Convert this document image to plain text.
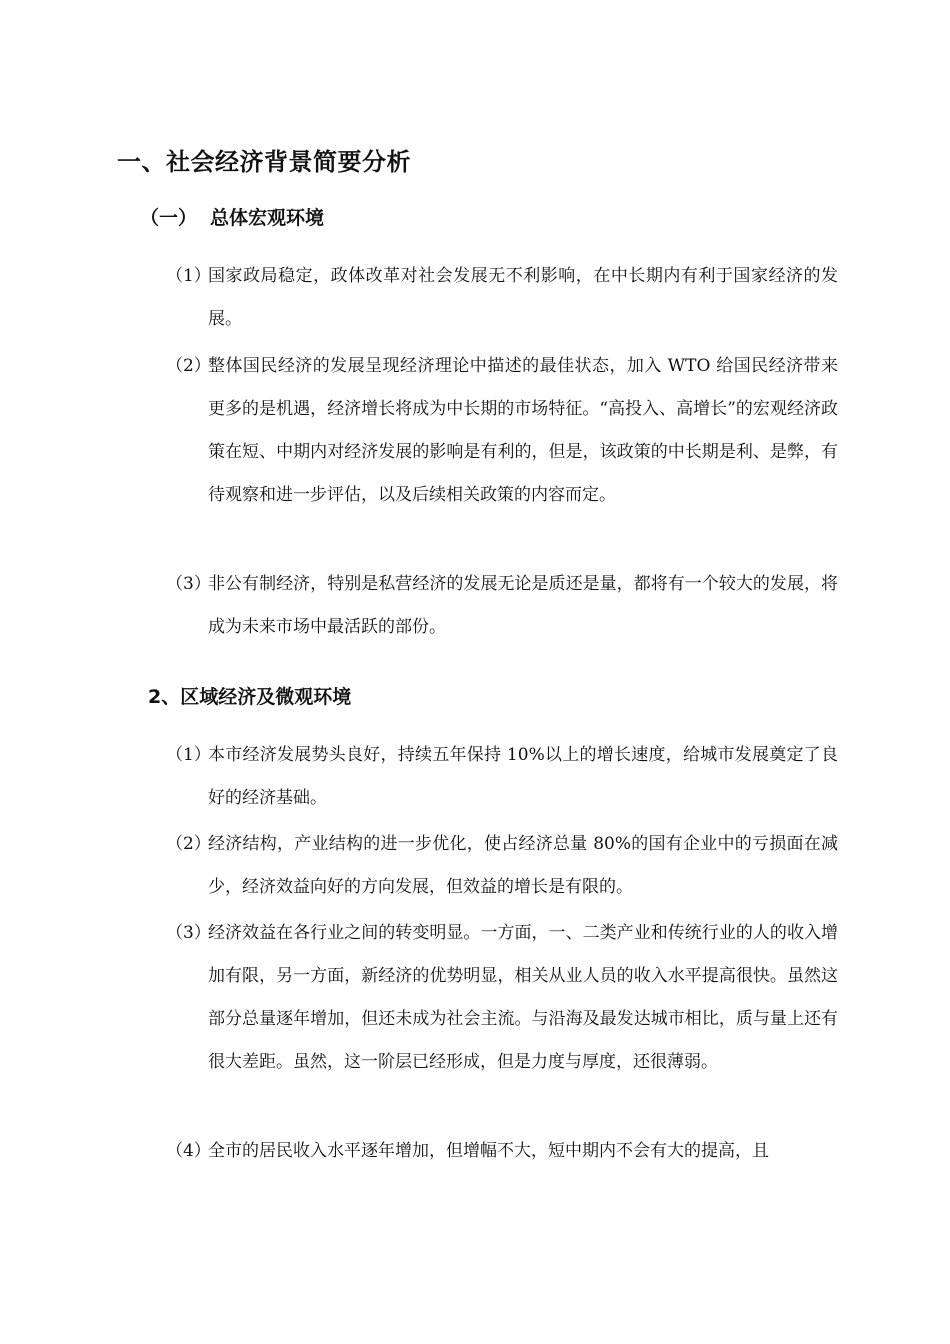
一、社会经济背景简要分析
（一） 总体宏观环境
（1）
国家政局稳定，政体改革对社会发展无不利影响，在中长期内有利于国家经济的发展。
（2）
整体国民经济的发展呈现经济理论中描述的最佳状态，加入 WTO 给国民经济带来更多的是机遇，经济增长将成为中长期的市场特征。“高投入、高增长”的宏观经济政策在短、中期内对经济发展的影响是有利的，但是，该政策的中长期是利、是弊，有待观察和进一步评估，以及后续相关政策的内容而定。
（3）
非公有制经济，特别是私营经济的发展无论是质还是量，都将有一个较大的发展，将成为未来市场中最活跃的部份。
2、区域经济及微观环境
（1）
本市经济发展势头良好，持续五年保持 10%以上的增长速度，给城市发展奠定了良好的经济基础。
（2）
经济结构，产业结构的进一步优化，使占经济总量 80%的国有企业中的亏损面在减少，经济效益向好的方向发展，但效益的增长是有限的。
（3）
经济效益在各行业之间的转变明显。一方面，一、二类产业和传统行业的人的收入增加有限，另一方面，新经济的优势明显，相关从业人员的收入水平提高很快。虽然这部分总量逐年增加，但还未成为社会主流。与沿海及最发达城市相比，质与量上还有很大差距。虽然，这一阶层已经形成，但是力度与厚度，还很薄弱。
（4）
全市的居民收入水平逐年增加，但增幅不大，短中期内不会有大的提高，且
